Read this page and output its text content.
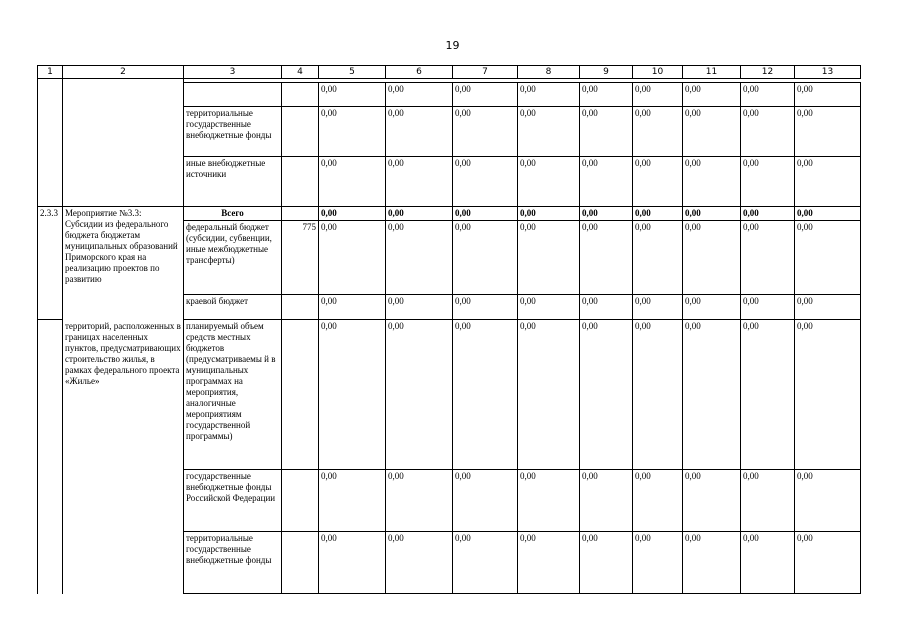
19
1	2	3	4	5	6	7	8	9	10	11	12	13

				0,00	0,00	0,00	0,00	0,00	0,00	0,00	0,00	0,00
		территориальные государственные внебюджетные фонды		0,00	0,00	0,00	0,00	0,00	0,00	0,00	0,00	0,00
		иные внебюджетные источники		0,00	0,00	0,00	0,00	0,00	0,00	0,00	0,00	0,00
2.3.3	Мероприятие №3.3: Субсидии из федерального бюджета бюджетам муниципальных образований Приморского края на реализацию проектов по развитию	Всего		0,00	0,00	0,00	0,00	0,00	0,00	0,00	0,00	0,00
		федеральный бюджет (субсидии, субвенции, иные межбюджетные трансферты)	775	0,00	0,00	0,00	0,00	0,00	0,00	0,00	0,00	0,00
		краевой бюджет		0,00	0,00	0,00	0,00	0,00	0,00	0,00	0,00	0,00
	территорий, расположенных в границах населенных пунктов, предусматривающих строительство жилья, в рамках федерального проекта «Жилье»	планируемый объем средств местных бюджетов (предусматриваемы й в муниципальных программах на мероприятия, аналогичные мероприятиям государственной программы)		0,00	0,00	0,00	0,00	0,00	0,00	0,00	0,00	0,00
		государственные внебюджетные фонды Российской Федерации		0,00	0,00	0,00	0,00	0,00	0,00	0,00	0,00	0,00
		территориальные государственные внебюджетные фонды		0,00	0,00	0,00	0,00	0,00	0,00	0,00	0,00	0,00
